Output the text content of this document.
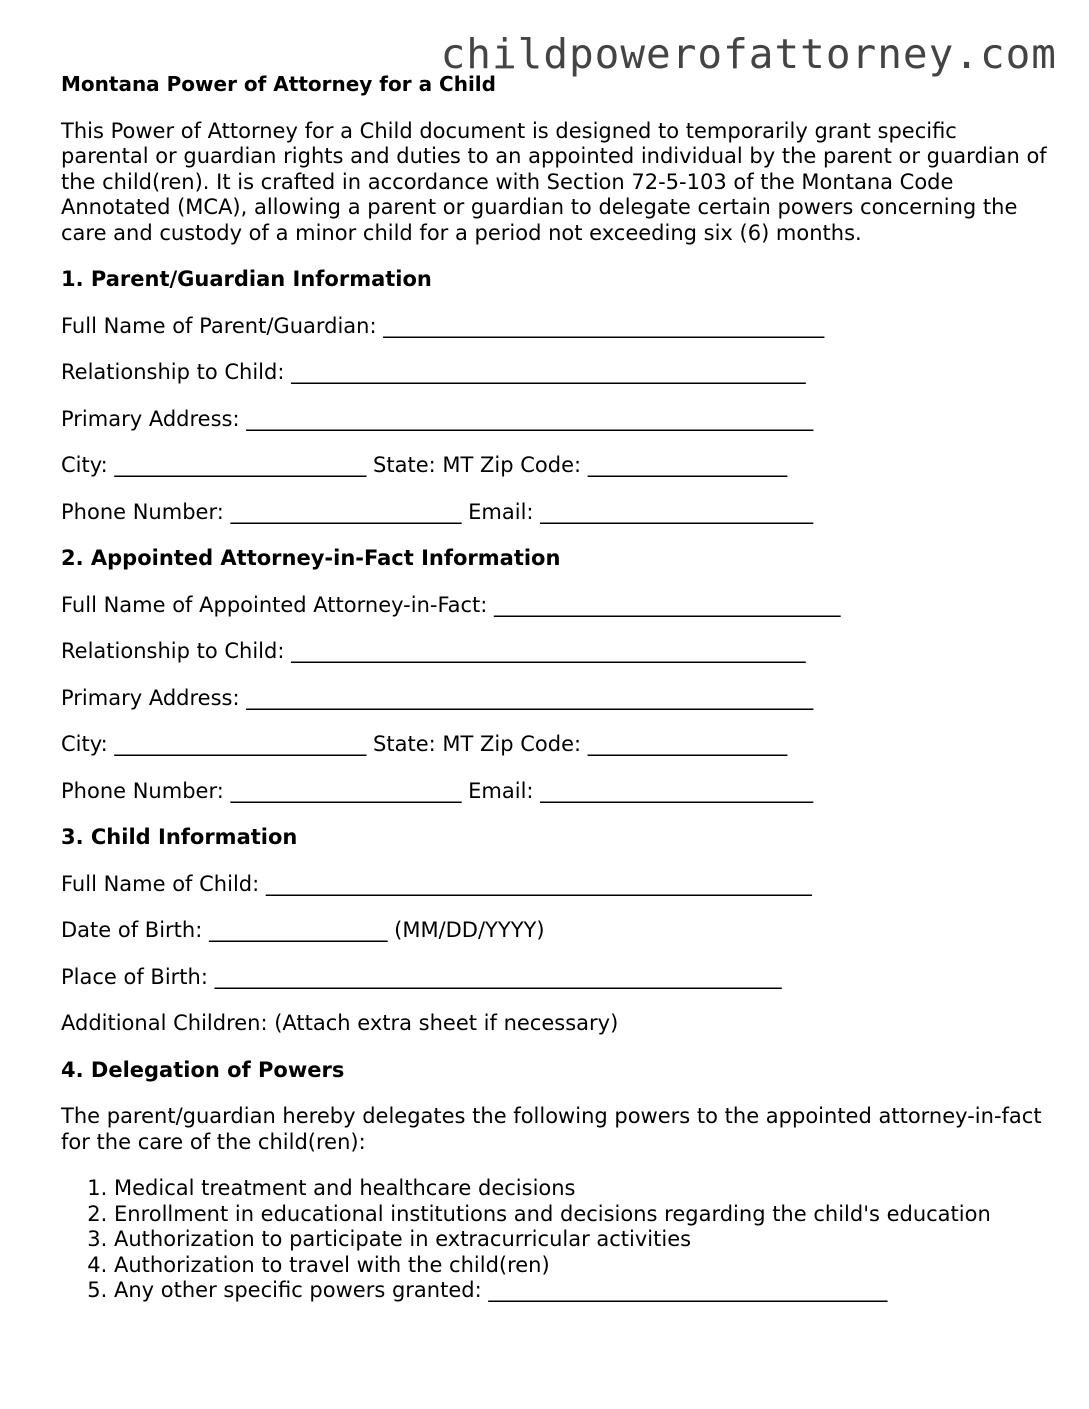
childpowerofattorney.com
Montana Power of Attorney for a Child
This Power of Attorney for a Child document is designed to temporarily grant specific parental or guardian rights and duties to an appointed individual by the parent or guardian of the child(ren). It is crafted in accordance with Section 72-5-103 of the Montana Code Annotated (MCA), allowing a parent or guardian to delegate certain powers concerning the care and custody of a minor child for a period not exceeding six (6) months.
1. Parent/Guardian Information
Full Name of Parent/Guardian: __________________________________________
Relationship to Child: _________________________________________________
Primary Address: ______________________________________________________
City: ________________________ State: MT Zip Code: ___________________
Phone Number: ______________________ Email: __________________________
2. Appointed Attorney-in-Fact Information
Full Name of Appointed Attorney-in-Fact: _________________________________
Relationship to Child: _________________________________________________
Primary Address: ______________________________________________________
City: ________________________ State: MT Zip Code: ___________________
Phone Number: ______________________ Email: __________________________
3. Child Information
Full Name of Child: ____________________________________________________
Date of Birth: _________________ (MM/DD/YYYY)
Place of Birth: ______________________________________________________
Additional Children: (Attach extra sheet if necessary)
4. Delegation of Powers
The parent/guardian hereby delegates the following powers to the appointed attorney-in-fact for the care of the child(ren):
1. Medical treatment and healthcare decisions
2. Enrollment in educational institutions and decisions regarding the child's education
3. Authorization to participate in extracurricular activities
4. Authorization to travel with the child(ren)
5. Any other specific powers granted: ______________________________________
